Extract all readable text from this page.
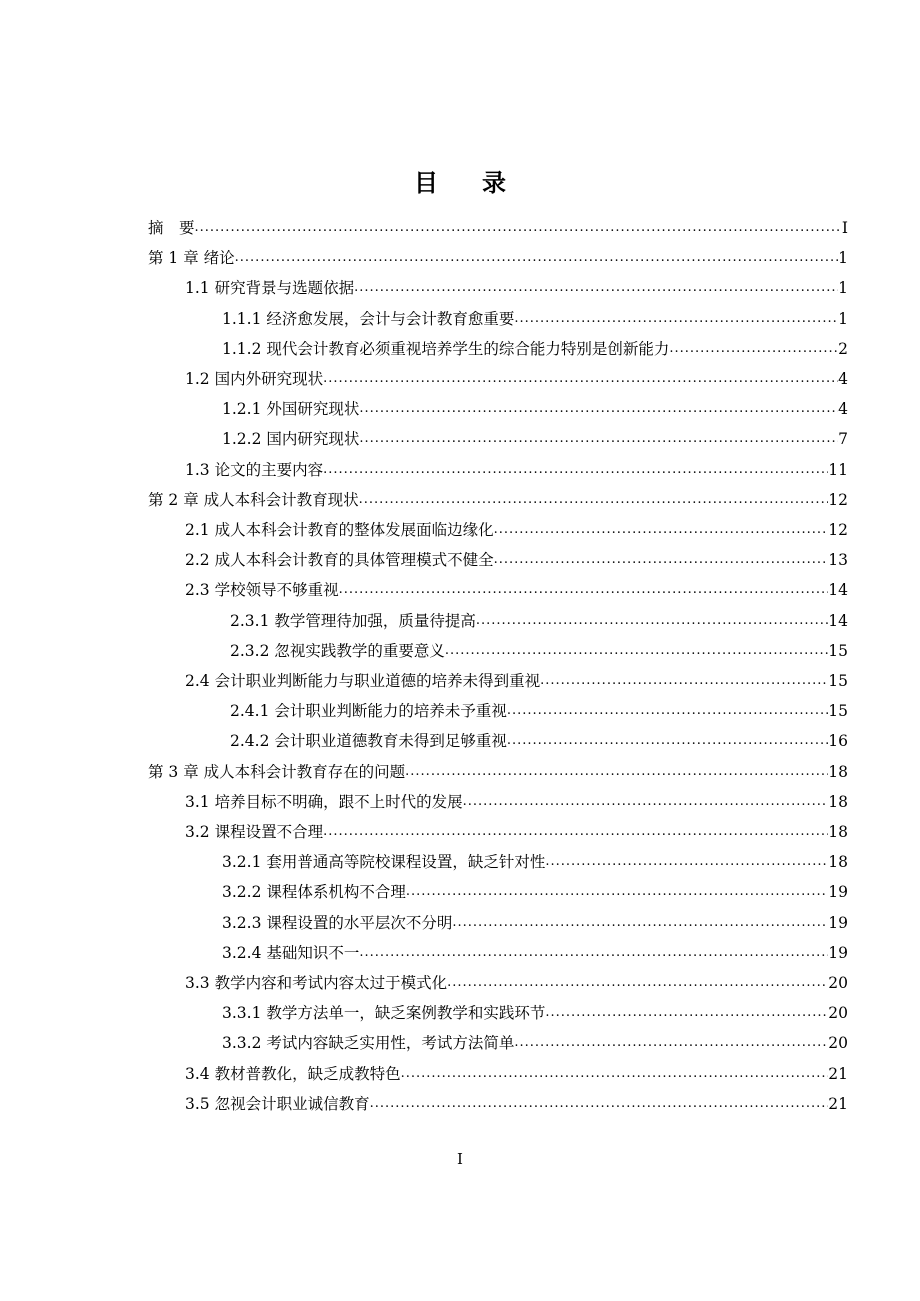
目录
摘　要 .....	I
第 1 章 绪论 .....	1
1.1 研究背景与选题依据 .....	1
1.1.1 经济愈发展，会计与会计教育愈重要 .....	1
1.1.2 现代会计教育必须重视培养学生的综合能力特别是创新能力 .....	2
1.2 国内外研究现状 .....	4
1.2.1 外国研究现状 .....	4
1.2.2 国内研究现状 .....	7
1.3 论文的主要内容 .....	11
第 2 章 成人本科会计教育现状 .....	12
2.1 成人本科会计教育的整体发展面临边缘化 .....	12
2.2 成人本科会计教育的具体管理模式不健全 .....	13
2.3 学校领导不够重视 .....	14
2.3.1 教学管理待加强，质量待提高 .....	14
2.3.2 忽视实践教学的重要意义 .....	15
2.4 会计职业判断能力与职业道德的培养未得到重视 .....	15
2.4.1 会计职业判断能力的培养未予重视 .....	15
2.4.2 会计职业道德教育未得到足够重视 .....	16
第 3 章 成人本科会计教育存在的问题 .....	18
3.1 培养目标不明确，跟不上时代的发展 .....	18
3.2 课程设置不合理 .....	18
3.2.1 套用普通高等院校课程设置，缺乏针对性 .....	18
3.2.2 课程体系机构不合理 .....	19
3.2.3 课程设置的水平层次不分明 .....	19
3.2.4 基础知识不一 .....	19
3.3 教学内容和考试内容太过于模式化 .....	20
3.3.1 教学方法单一，缺乏案例教学和实践环节 .....	20
3.3.2 考试内容缺乏实用性，考试方法简单 .....	20
3.4 教材普教化，缺乏成教特色 .....	21
3.5 忽视会计职业诚信教育 .....	21
I
